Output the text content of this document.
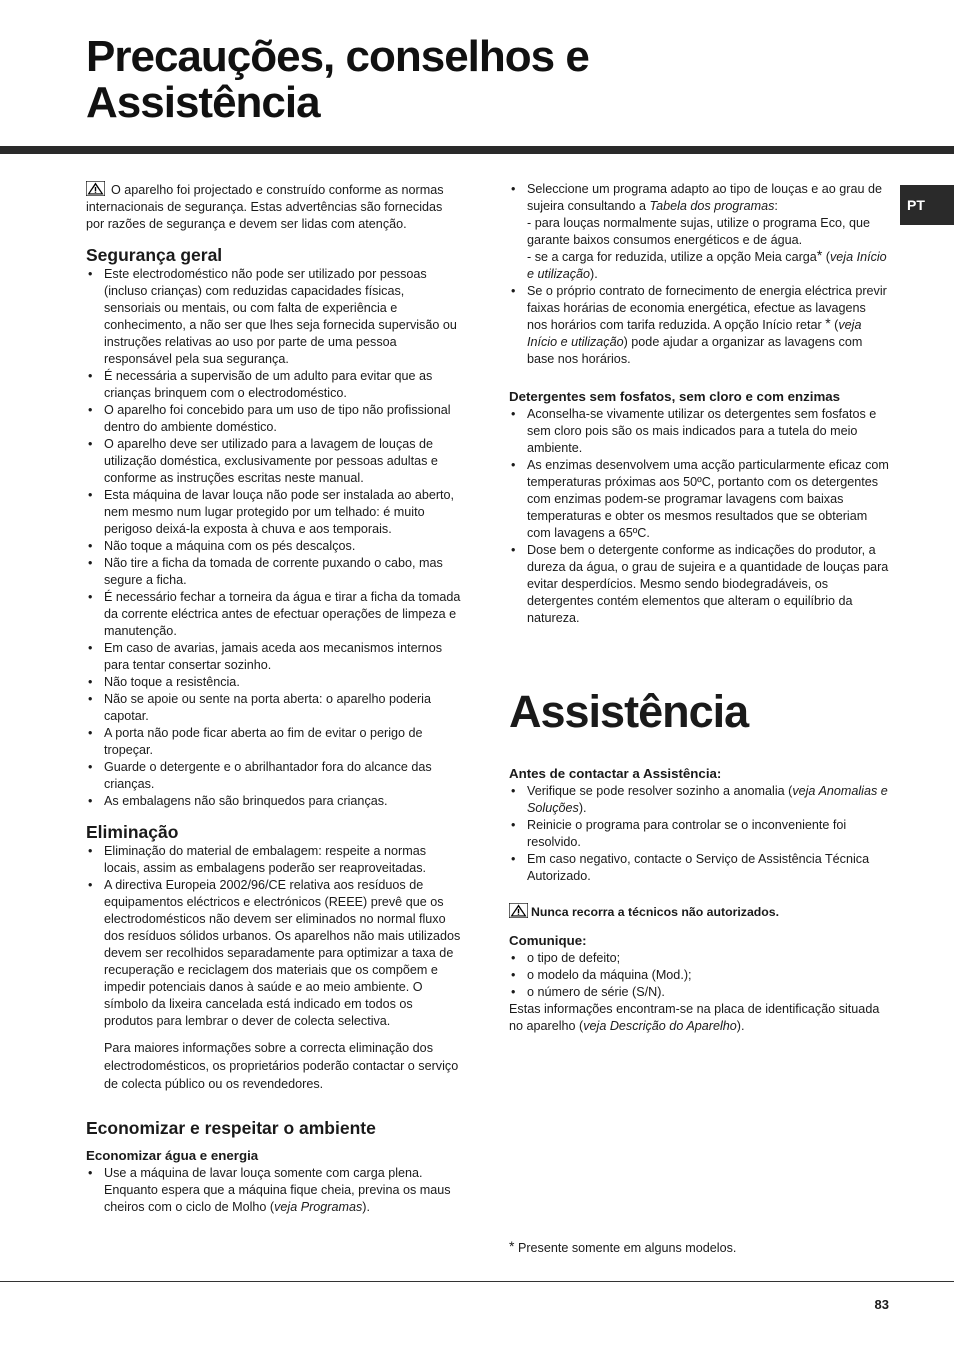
Precauções, conselhos e Assistência
PT

O aparelho foi projectado e construído conforme as normas internacionais de segurança. Estas advertências são fornecidas por razões de segurança e devem ser lidas com atenção.

Segurança geral
• Este electrodoméstico não pode ser utilizado por pessoas (incluso crianças) com reduzidas capacidades físicas, sensoriais ou mentais, ou com falta de experiência e conhecimento, a não ser que lhes seja fornecida supervisão ou instruções relativas ao uso por parte de uma pessoa responsável pela sua segurança.
• É necessária a supervisão de um adulto para evitar que as crianças brinquem com o electrodoméstico.
• O aparelho foi concebido para um uso de tipo não profissional dentro do ambiente doméstico.
• O aparelho deve ser utilizado para a lavagem de louças de utilização doméstica, exclusivamente por pessoas adultas e conforme as instruções escritas neste manual.
• Esta máquina de lavar louça não pode ser instalada ao aberto, nem mesmo num lugar protegido por um telhado: é muito perigoso deixá-la exposta à chuva e aos temporais.
• Não toque a máquina com os pés descalços.
• Não tire a ficha da tomada de corrente puxando o cabo, mas segure a ficha.
• É necessário fechar a torneira da água e tirar a ficha da tomada da corrente eléctrica antes de efectuar operações de limpeza e manutenção.
• Em caso de avarias, jamais aceda aos mecanismos internos para tentar consertar sozinho.
• Não toque a resistência.
• Não se apoie ou sente na porta aberta: o aparelho poderia capotar.
• A porta não pode ficar aberta ao fim de evitar o perigo de tropeçar.
• Guarde o detergente e o abrilhantador fora do alcance das crianças.
• As embalagens não são brinquedos para crianças.
Eliminação
• Eliminação do material de embalagem: respeite a normas locais, assim as embalagens poderão ser reaproveitadas.
• A directiva Europeia 2002/96/CE relativa aos resíduos de equipamentos eléctricos e electrónicos (REEE) prevê que os electrodomésticos não devem ser eliminados no normal fluxo dos resíduos sólidos urbanos. Os aparelhos não mais utilizados devem ser recolhidos separadamente para optimizar a taxa de recuperação e reciclagem dos materiais que os compõem e impedir potenciais danos à saúde e ao meio ambiente. O símbolo da lixeira cancelada está indicado em todos os produtos para lembrar o dever de colecta selectiva.

Para maiores informações sobre a correcta eliminação dos electrodomésticos, os proprietários poderão contactar o serviço de colecta público ou os revendedores.

Economizar e respeitar o ambiente
Economizar água e energia
• Use a máquina de lavar louça somente com carga plena. Enquanto espera que a máquina fique cheia, previna os maus cheiros com o ciclo de Molho (veja Programas).
• Seleccione um programa adapto ao tipo de louças e ao grau de sujeira consultando a Tabela dos programas:
- para louças normalmente sujas, utilize o programa Eco, que garante baixos consumos energéticos e de água.
- se a carga for reduzida, utilize a opção Meia carga* (veja Início e utilização).
• Se o próprio contrato de fornecimento de energia eléctrica previr faixas horárias de economia energética, efectue as lavagens nos horários com tarifa reduzida. A opção Início retar * (veja Início e utilização) pode ajudar a organizar as lavagens com base nos horários.
Detergentes sem fosfatos, sem cloro e com enzimas
• Aconselha-se vivamente utilizar os detergentes sem fosfatos e sem cloro pois são os mais indicados para a tutela do meio ambiente.
• As enzimas desenvolvem uma acção particularmente eficaz com temperaturas próximas aos 50ºC, portanto com os detergentes com enzimas podem-se programar lavagens com baixas temperaturas e obter os mesmos resultados que se obteriam com lavagens a 65ºC.
• Dose bem o detergente conforme as indicações do produtor, a dureza da água, o grau de sujeira e a quantidade de louças para evitar desperdícios. Mesmo sendo biodegradáveis, os detergentes contém elementos que alteram o equilíbrio da natureza.
Assistência
Antes de contactar a Assistência:
• Verifique se pode resolver sozinho a anomalia (veja Anomalias e Soluções).
• Reinicie o programa para controlar se o inconveniente foi resolvido.
• Em caso negativo, contacte o Serviço de Assistência Técnica Autorizado.

Nunca recorra a técnicos não autorizados.

Comunique:
• o tipo de defeito;
• o modelo da máquina (Mod.);
• o número de série (S/N).

Estas informações encontram-se na placa de identificação situada no aparelho (veja Descrição do Aparelho).

* Presente somente em alguns modelos.
83
